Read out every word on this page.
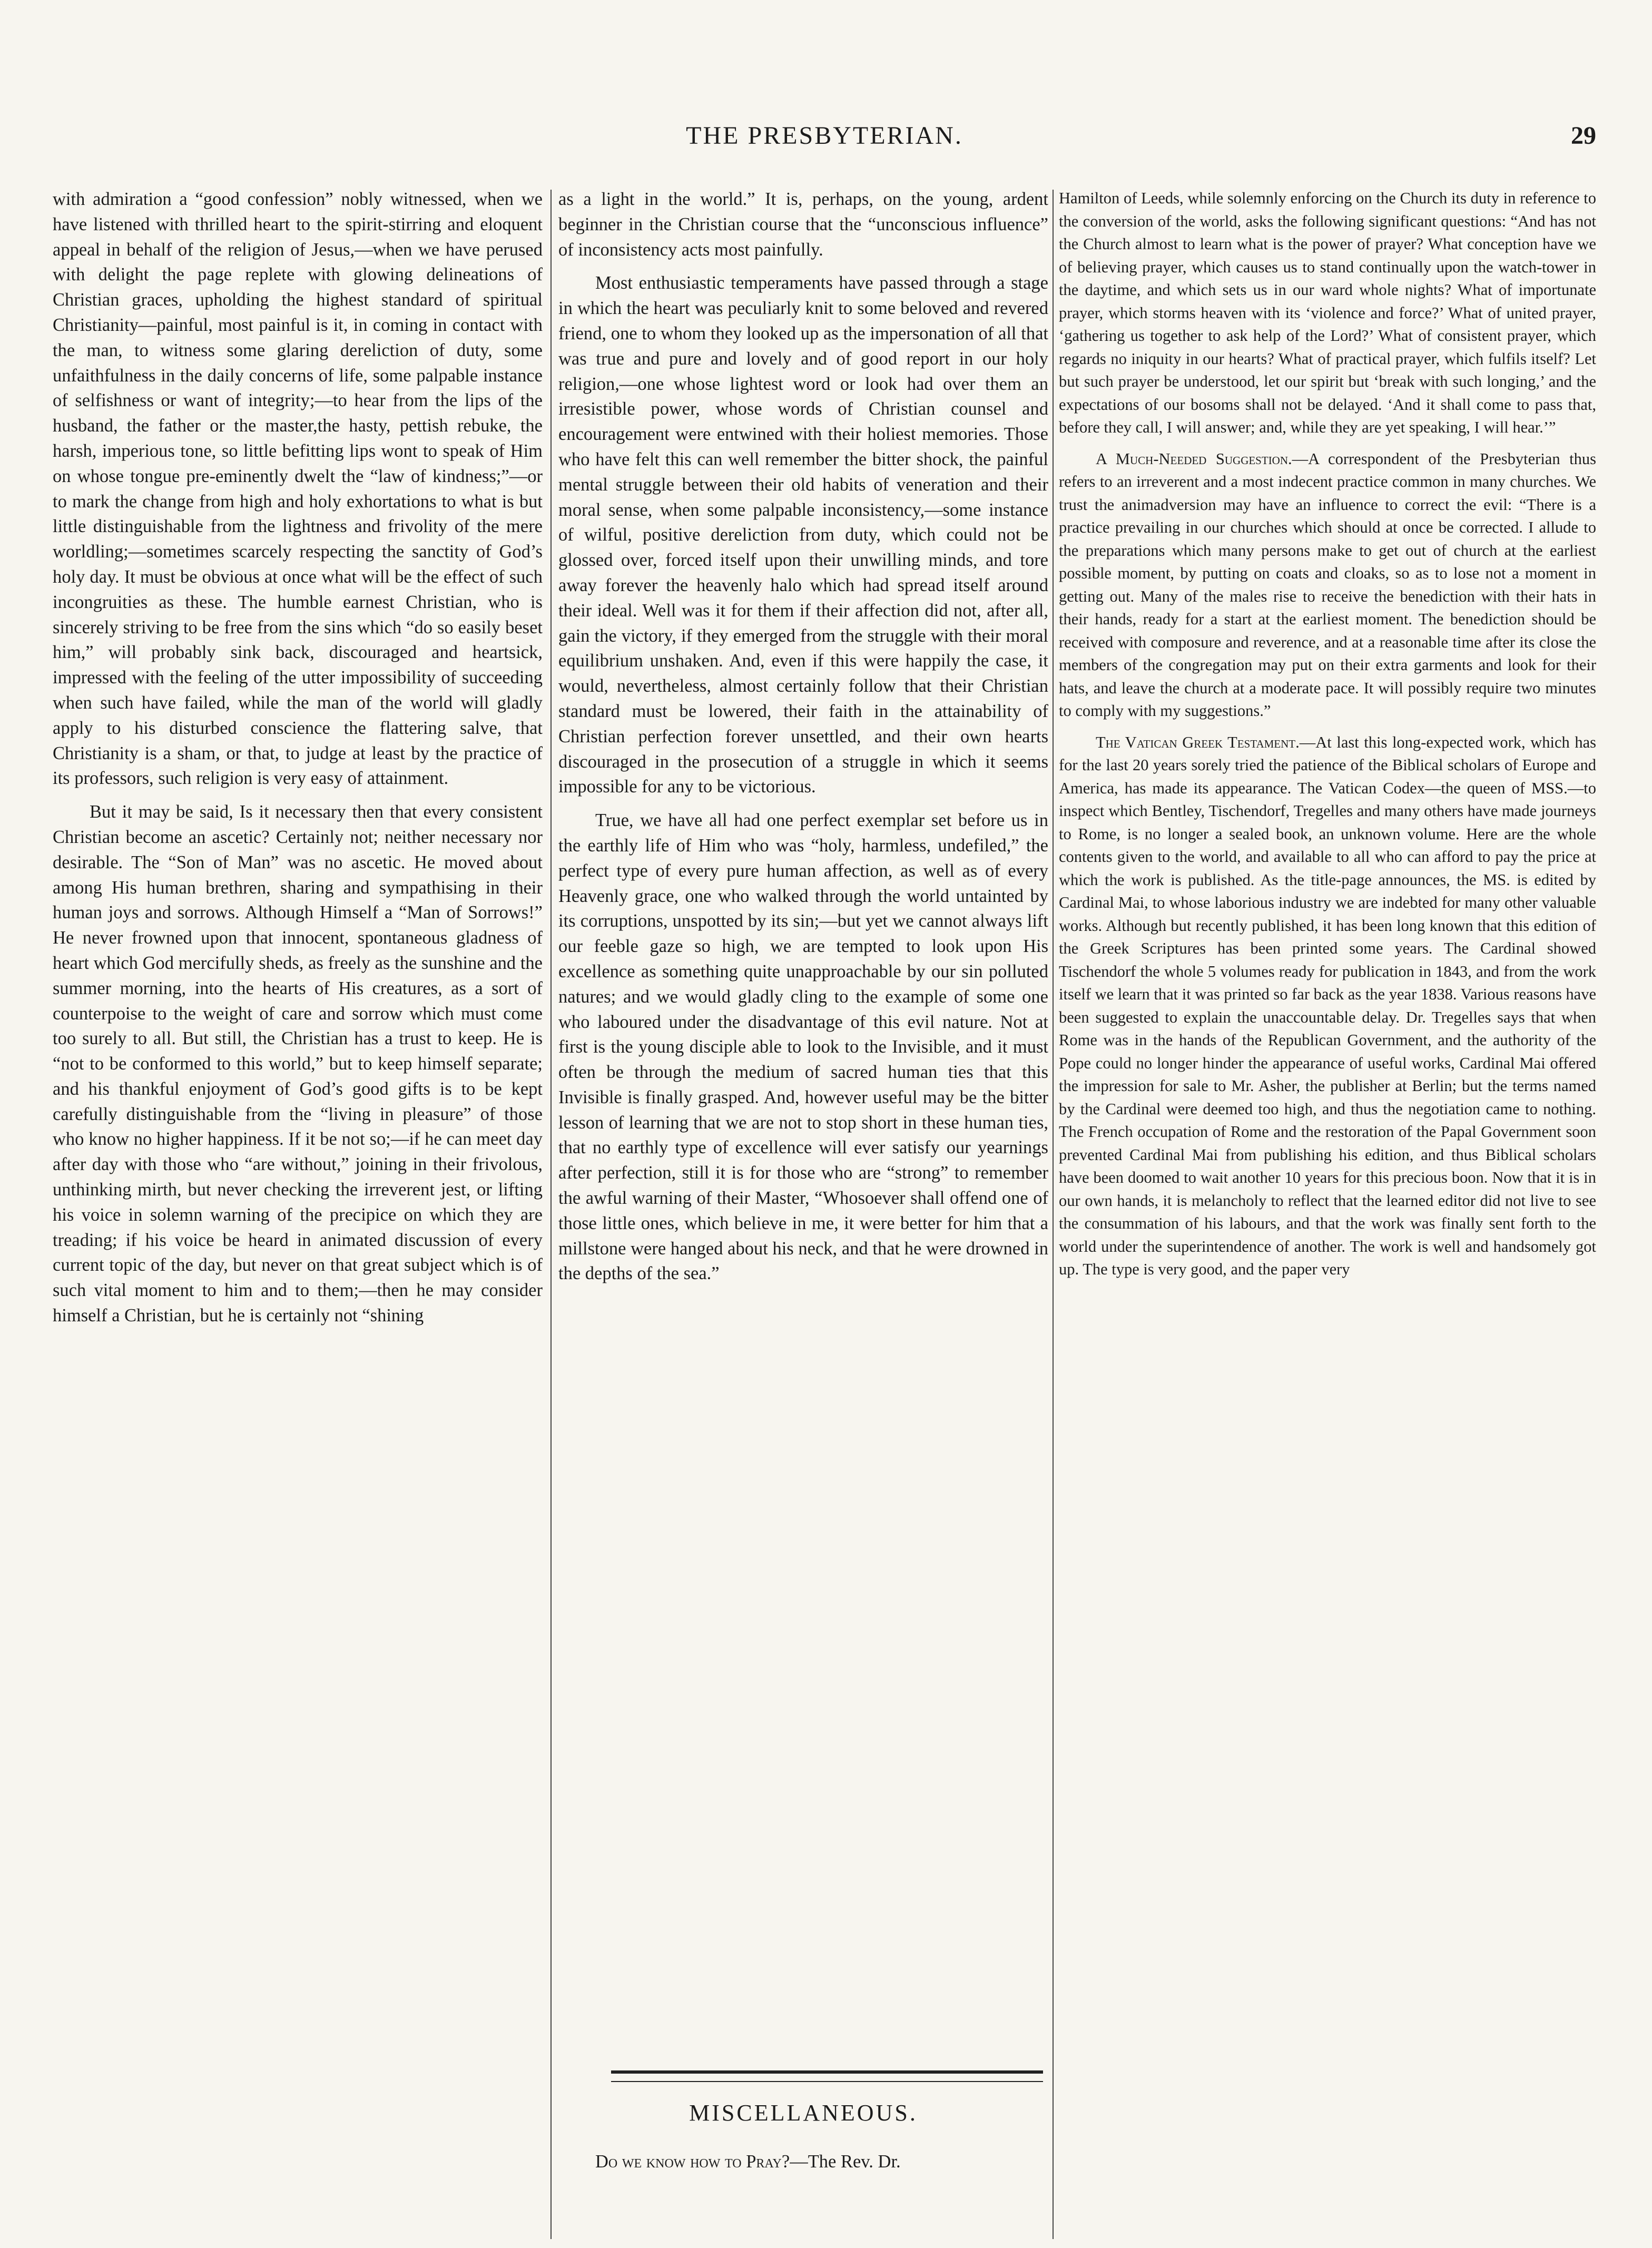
THE PRESBYTERIAN.	29

with admiration a “good confession” nobly witnessed, when we have listened with thrilled heart to the spirit-stirring and eloquent appeal in behalf of the religion of Jesus,—when we have perused with delight the page replete with glowing delineations of Christian graces, upholding the highest standard of spiritual Christianity—painful, most painful is it, in coming in contact with the man, to witness some glaring dereliction of duty, some unfaithfulness in the daily concerns of life, some palpable instance of selfishness or want of integrity;—to hear from the lips of the husband, the father or the master,the hasty, pettish rebuke, the harsh, imperious tone, so little befitting lips wont to speak of Him on whose tongue pre-eminently dwelt the “law of kindness;”—or to mark the change from high and holy exhortations to what is but little distinguishable from the lightness and frivolity of the mere worldling;—sometimes scarcely respecting the sanctity of God’s holy day. It must be obvious at once what will be the effect of such incongruities as these. The humble earnest Christian, who is sincerely striving to be free from the sins which “do so easily beset him,” will probably sink back, discouraged and heartsick, impressed with the feeling of the utter impossibility of succeeding when such have failed, while the man of the world will gladly apply to his disturbed conscience the flattering salve, that Christianity is a sham, or that, to judge at least by the practice of its professors, such religion is very easy of attainment.

But it may be said, Is it necessary then that every consistent Christian become an ascetic? Certainly not; neither necessary nor desirable. The “Son of Man” was no ascetic. He moved about among His human brethren, sharing and sympathising in their human joys and sorrows. Although Himself a “Man of Sorrows!” He never frowned upon that innocent, spontaneous gladness of heart which God mercifully sheds, as freely as the sunshine and the summer morning, into the hearts of His creatures, as a sort of counterpoise to the weight of care and sorrow which must come too surely to all. But still, the Christian has a trust to keep. He is “not to be conformed to this world,” but to keep himself separate; and his thankful enjoyment of God’s good gifts is to be kept carefully distinguishable from the “living in pleasure” of those who know no higher happiness. If it be not so;—if he can meet day after day with those who “are without,” joining in their frivolous, unthinking mirth, but never checking the irreverent jest, or lifting his voice in solemn warning of the precipice on which they are treading; if his voice be heard in animated discussion of every current topic of the day, but never on that great subject which is of such vital moment to him and to them;—then he may consider himself a Christian, but he is certainly not “shining

as a light in the world.” It is, perhaps, on the young, ardent beginner in the Christian course that the “unconscious influence” of inconsistency acts most painfully.

Most enthusiastic temperaments have passed through a stage in which the heart was peculiarly knit to some beloved and revered friend, one to whom they looked up as the impersonation of all that was true and pure and lovely and of good report in our holy religion,—one whose lightest word or look had over them an irresistible power, whose words of Christian counsel and encouragement were entwined with their holiest memories. Those who have felt this can well remember the bitter shock, the painful mental struggle between their old habits of veneration and their moral sense, when some palpable inconsistency,—some instance of wilful, positive dereliction from duty, which could not be glossed over, forced itself upon their unwilling minds, and tore away forever the heavenly halo which had spread itself around their ideal. Well was it for them if their affection did not, after all, gain the victory, if they emerged from the struggle with their moral equilibrium unshaken. And, even if this were happily the case, it would, nevertheless, almost certainly follow that their Christian standard must be lowered, their faith in the attainability of Christian perfection forever unsettled, and their own hearts discouraged in the prosecution of a struggle in which it seems impossible for any to be victorious.

True, we have all had one perfect exemplar set before us in the earthly life of Him who was “holy, harmless, undefiled,” the perfect type of every pure human affection, as well as of every Heavenly grace, one who walked through the world untainted by its corruptions, unspotted by its sin;—but yet we cannot always lift our feeble gaze so high, we are tempted to look upon His excellence as something quite unapproachable by our sin polluted natures; and we would gladly cling to the example of some one who laboured under the disadvantage of this evil nature. Not at first is the young disciple able to look to the Invisible, and it must often be through the medium of sacred human ties that this Invisible is finally grasped. And, however useful may be the bitter lesson of learning that we are not to stop short in these human ties, that no earthly type of excellence will ever satisfy our yearnings after perfection, still it is for those who are “strong” to remember the awful warning of their Master, “Whosoever shall offend one of those little ones, which believe in me, it were better for him that a millstone were hanged about his neck, and that he were drowned in the depths of the sea.”

MISCELLANEOUS.
Do we know how to Pray?—The Rev. Dr.

Hamilton of Leeds, while solemnly enforcing on the Church its duty in reference to the conversion of the world, asks the following significant questions: “And has not the Church almost to learn what is the power of prayer? What conception have we of believing prayer, which causes us to stand continually upon the watch-tower in the daytime, and which sets us in our ward whole nights? What of importunate prayer, which storms heaven with its ‘violence and force?’ What of united prayer, ‘gathering us together to ask help of the Lord?’ What of consistent prayer, which regards no iniquity in our hearts? What of practical prayer, which fulfils itself? Let but such prayer be understood, let our spirit but ‘break with such longing,’ and the expectations of our bosoms shall not be delayed. ‘And it shall come to pass that, before they call, I will answer; and, while they are yet speaking, I will hear.’”

A Much-Needed Suggestion.—A correspondent of the Presbyterian thus refers to an irreverent and a most indecent practice common in many churches. We trust the animadversion may have an influence to correct the evil: “There is a practice prevailing in our churches which should at once be corrected. I allude to the preparations which many persons make to get out of church at the earliest possible moment, by putting on coats and cloaks, so as to lose not a moment in getting out. Many of the males rise to receive the benediction with their hats in their hands, ready for a start at the earliest moment. The benediction should be received with composure and reverence, and at a reasonable time after its close the members of the congregation may put on their extra garments and look for their hats, and leave the church at a moderate pace. It will possibly require two minutes to comply with my suggestions.”

The Vatican Greek Testament.—At last this long-expected work, which has for the last 20 years sorely tried the patience of the Biblical scholars of Europe and America, has made its appearance. The Vatican Codex—the queen of MSS.—to inspect which Bentley, Tischendorf, Tregelles and many others have made journeys to Rome, is no longer a sealed book, an unknown volume. Here are the whole contents given to the world, and available to all who can afford to pay the price at which the work is published. As the title-page announces, the MS. is edited by Cardinal Mai, to whose laborious industry we are indebted for many other valuable works. Although but recently published, it has been long known that this edition of the Greek Scriptures has been printed some years. The Cardinal showed Tischendorf the whole 5 volumes ready for publication in 1843, and from the work itself we learn that it was printed so far back as the year 1838. Various reasons have been suggested to explain the unaccountable delay. Dr. Tregelles says that when Rome was in the hands of the Republican Government, and the authority of the Pope could no longer hinder the appearance of useful works, Cardinal Mai offered the impression for sale to Mr. Asher, the publisher at Berlin; but the terms named by the Cardinal were deemed too high, and thus the negotiation came to nothing. The French occupation of Rome and the restoration of the Papal Government soon prevented Cardinal Mai from publishing his edition, and thus Biblical scholars have been doomed to wait another 10 years for this precious boon. Now that it is in our own hands, it is melancholy to reflect that the learned editor did not live to see the consummation of his labours, and that the work was finally sent forth to the world under the superintendence of another. The work is well and handsomely got up. The type is very good, and the paper very
